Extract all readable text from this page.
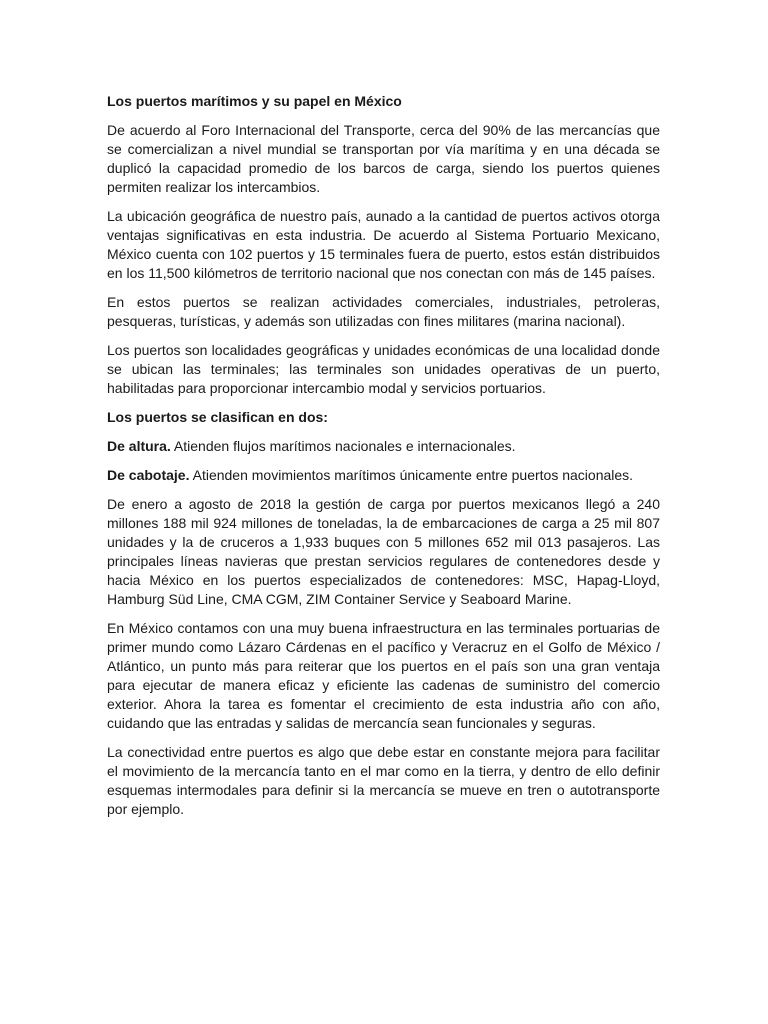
Los puertos marítimos y su papel en México

De acuerdo al Foro Internacional del Transporte, cerca del 90% de las mercancías que se comercializan a nivel mundial se transportan por vía marítima y en una década se duplicó la capacidad promedio de los barcos de carga, siendo los puertos quienes permiten realizar los intercambios.

La ubicación geográfica de nuestro país, aunado a la cantidad de puertos activos otorga ventajas significativas en esta industria. De acuerdo al Sistema Portuario Mexicano, México cuenta con 102 puertos y 15 terminales fuera de puerto, estos están distribuidos en los 11,500 kilómetros de territorio nacional que nos conectan con más de 145 países.

En estos puertos se realizan actividades comerciales, industriales, petroleras, pesqueras, turísticas, y además son utilizadas con fines militares (marina nacional).

Los puertos son localidades geográficas y unidades económicas de una localidad donde se ubican las terminales; las terminales son unidades operativas de un puerto, habilitadas para proporcionar intercambio modal y servicios portuarios.

Los puertos se clasifican en dos:

De altura. Atienden flujos marítimos nacionales e internacionales.

De cabotaje. Atienden movimientos marítimos únicamente entre puertos nacionales.

De enero a agosto de 2018 la gestión de carga por puertos mexicanos llegó a 240 millones 188 mil 924 millones de toneladas, la de embarcaciones de carga a 25 mil 807 unidades y la de cruceros a 1,933 buques con 5 millones 652 mil 013 pasajeros. Las principales líneas navieras que prestan servicios regulares de contenedores desde y hacia México en los puertos especializados de contenedores: MSC, Hapag-Lloyd, Hamburg Süd Line, CMA CGM, ZIM Container Service y Seaboard Marine.

En México contamos con una muy buena infraestructura en las terminales portuarias de primer mundo como Lázaro Cárdenas en el pacífico y Veracruz en el Golfo de México / Atlántico, un punto más para reiterar que los puertos en el país son una gran ventaja para ejecutar de manera eficaz y eficiente las cadenas de suministro del comercio exterior. Ahora la tarea es fomentar el crecimiento de esta industria año con año, cuidando que las entradas y salidas de mercancía sean funcionales y seguras.

La conectividad entre puertos es algo que debe estar en constante mejora para facilitar el movimiento de la mercancía tanto en el mar como en la tierra, y dentro de ello definir esquemas intermodales para definir si la mercancía se mueve en tren o autotransporte por ejemplo.
